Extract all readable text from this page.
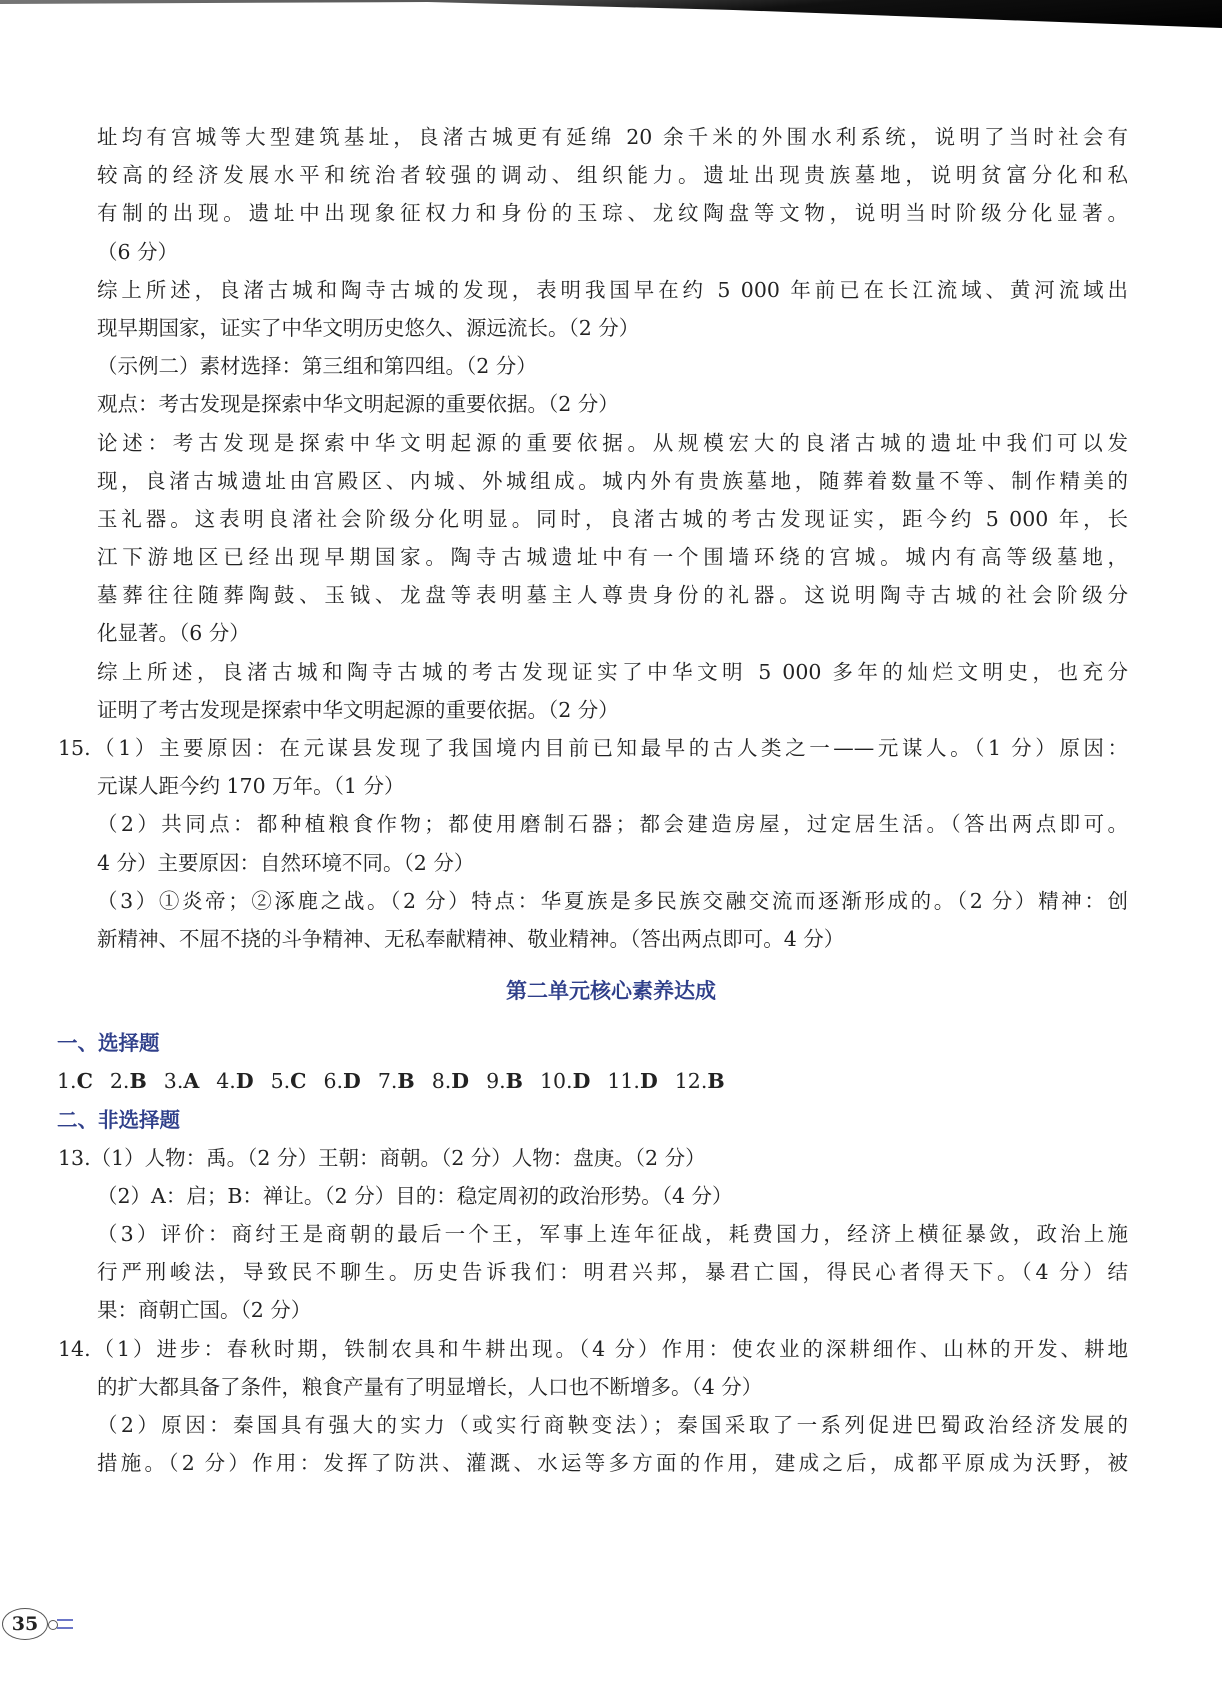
址均有宫城等大型建筑基址，良渚古城更有延绵 20 余千米的外围水利系统，说明了当时社会有
较高的经济发展水平和统治者较强的调动、组织能力。遗址出现贵族墓地，说明贫富分化和私
有制的出现。遗址中出现象征权力和身份的玉琮、龙纹陶盘等文物，说明当时阶级分化显著。
（6 分）
综上所述，良渚古城和陶寺古城的发现，表明我国早在约 5 000 年前已在长江流域、黄河流域出
现早期国家，证实了中华文明历史悠久、源远流长。（2 分）
（示例二）素材选择：第三组和第四组。（2 分）
观点：考古发现是探索中华文明起源的重要依据。（2 分）
论述：考古发现是探索中华文明起源的重要依据。从规模宏大的良渚古城的遗址中我们可以发
现，良渚古城遗址由宫殿区、内城、外城组成。城内外有贵族墓地，随葬着数量不等、制作精美的
玉礼器。这表明良渚社会阶级分化明显。同时，良渚古城的考古发现证实，距今约 5 000 年，长
江下游地区已经出现早期国家。陶寺古城遗址中有一个围墙环绕的宫城。城内有高等级墓地，
墓葬往往随葬陶鼓、玉钺、龙盘等表明墓主人尊贵身份的礼器。这说明陶寺古城的社会阶级分
化显著。（6 分）
综上所述，良渚古城和陶寺古城的考古发现证实了中华文明 5 000 多年的灿烂文明史，也充分
证明了考古发现是探索中华文明起源的重要依据。（2 分）
15.（1）主要原因：在元谋县发现了我国境内目前已知最早的古人类之一——元谋人。（1 分）原因：
元谋人距今约 170 万年。（1 分）
（2）共同点：都种植粮食作物；都使用磨制石器；都会建造房屋，过定居生活。（答出两点即可。
4 分）主要原因：自然环境不同。（2 分）
（3）①炎帝；②涿鹿之战。（2 分）特点：华夏族是多民族交融交流而逐渐形成的。（2 分）精神：创
新精神、不屈不挠的斗争精神、无私奉献精神、敬业精神。（答出两点即可。4 分）
第二单元核心素养达成
一、选择题
1.C 2.B 3.A 4.D 5.C 6.D 7.B 8.D 9.B 10.D 11.D 12.B
二、非选择题
13.（1）人物：禹。（2 分）王朝：商朝。（2 分）人物：盘庚。（2 分）
（2）A：启；B：禅让。（2 分）目的：稳定周初的政治形势。（4 分）
（3）评价：商纣王是商朝的最后一个王，军事上连年征战，耗费国力，经济上横征暴敛，政治上施
行严刑峻法，导致民不聊生。历史告诉我们：明君兴邦，暴君亡国，得民心者得天下。（4 分）结
果：商朝亡国。（2 分）
14.（1）进步：春秋时期，铁制农具和牛耕出现。（4 分）作用：使农业的深耕细作、山林的开发、耕地
的扩大都具备了条件，粮食产量有了明显增长，人口也不断增多。（4 分）
（2）原因：秦国具有强大的实力（或实行商鞅变法）；秦国采取了一系列促进巴蜀政治经济发展的
措施。（2 分）作用：发挥了防洪、灌溉、水运等多方面的作用，建成之后，成都平原成为沃野，被
35
